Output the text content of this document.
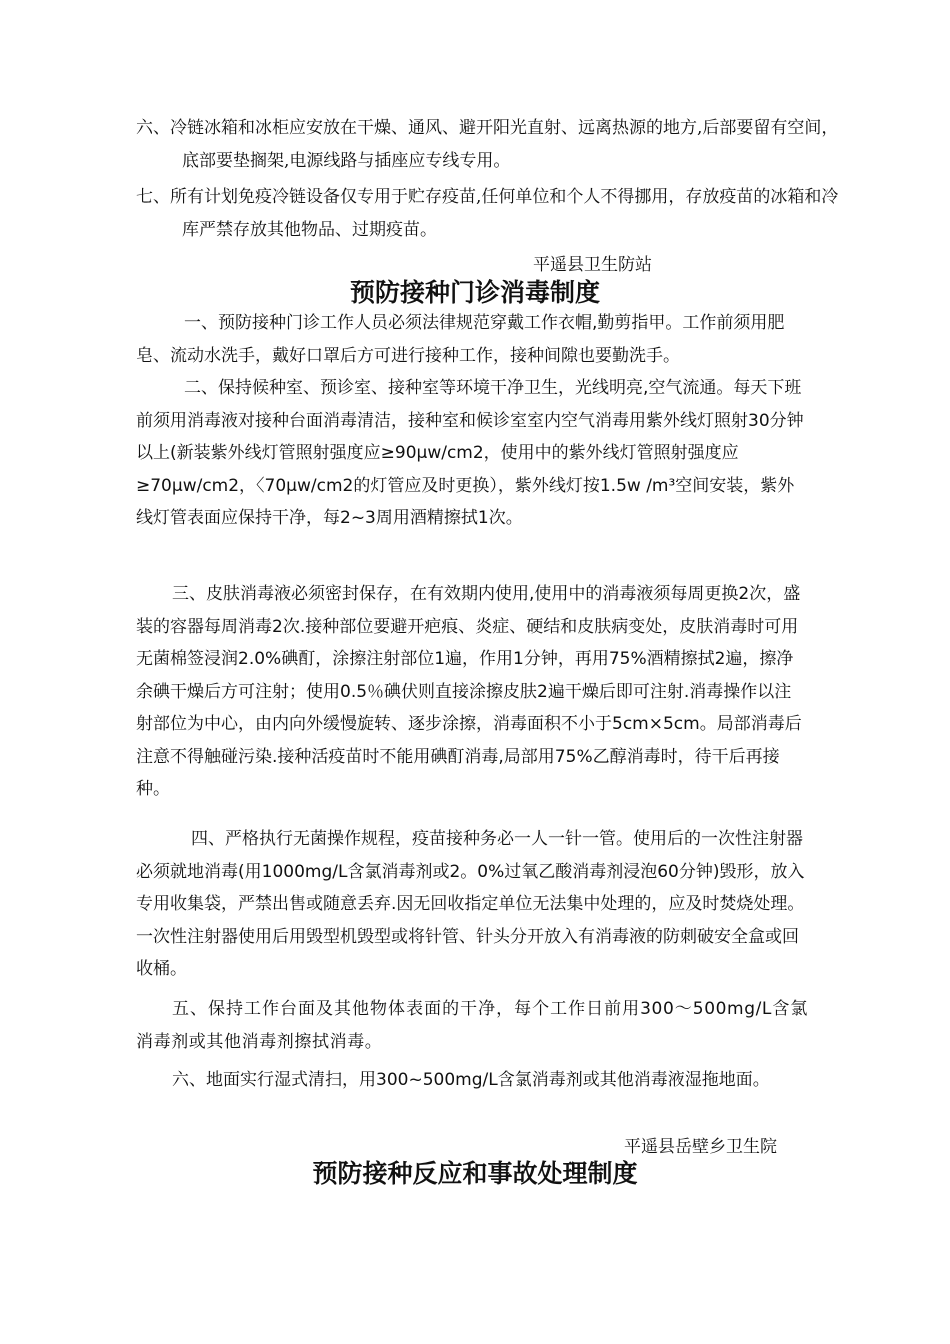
六、冷链冰箱和冰柜应安放在干燥、通风、避开阳光直射、远离热源的地方,后部要留有空间，底部要垫搁架,电源线路与插座应专线专用。
七、所有计划免疫冷链设备仅专用于贮存疫苗,任何单位和个人不得挪用，存放疫苗的冰箱和冷库严禁存放其他物品、过期疫苗。
平遥县卫生防站
预防接种门诊消毒制度

一、预防接种门诊工作人员必须法律规范穿戴工作衣帽,勤剪指甲。工作前须用肥皂、流动水洗手，戴好口罩后方可进行接种工作，接种间隙也要勤洗手。

二、保持候种室、预诊室、接种室等环境干净卫生，光线明亮,空气流通。每天下班前须用消毒液对接种台面消毒清洁，接种室和候诊室室内空气消毒用紫外线灯照射30分钟以上(新装紫外线灯管照射强度应≥90μw/cm2，使用中的紫外线灯管照射强度应≥70μw/cm2，〈70μw/cm2的灯管应及时更换），紫外线灯按1.5w /m³空间安装，紫外线灯管表面应保持干净，每2~3周用酒精擦拭1次。

三、皮肤消毒液必须密封保存，在有效期内使用,使用中的消毒液须每周更换2次，盛装的容器每周消毒2次.接种部位要避开疤痕、炎症、硬结和皮肤病变处，皮肤消毒时可用无菌棉签浸润2.0%碘酊，涂擦注射部位1遍，作用1分钟，再用75%酒精擦拭2遍，擦净余碘干燥后方可注射；使用0.5％碘伏则直接涂擦皮肤2遍干燥后即可注射.消毒操作以注射部位为中心，由内向外缓慢旋转、逐步涂擦，消毒面积不小于5cm×5cm。局部消毒后注意不得触碰污染.接种活疫苗时不能用碘酊消毒,局部用75%乙醇消毒时，待干后再接种。

四、严格执行无菌操作规程，疫苗接种务必一人一针一管。使用后的一次性注射器必须就地消毒(用1000mg/L含氯消毒剂或2。0%过氧乙酸消毒剂浸泡60分钟)毁形，放入专用收集袋，严禁出售或随意丢弃.因无回收指定单位无法集中处理的，应及时焚烧处理。一次性注射器使用后用毁型机毁型或将针管、针头分开放入有消毒液的防刺破安全盒或回收桶。

五、保持工作台面及其他物体表面的干净，每个工作日前用300～500mg/L含氯消毒剂或其他消毒剂擦拭消毒。

六、地面实行湿式清扫，用300~500mg/L含氯消毒剂或其他消毒液湿拖地面。

平遥县岳壁乡卫生院
预防接种反应和事故处理制度
